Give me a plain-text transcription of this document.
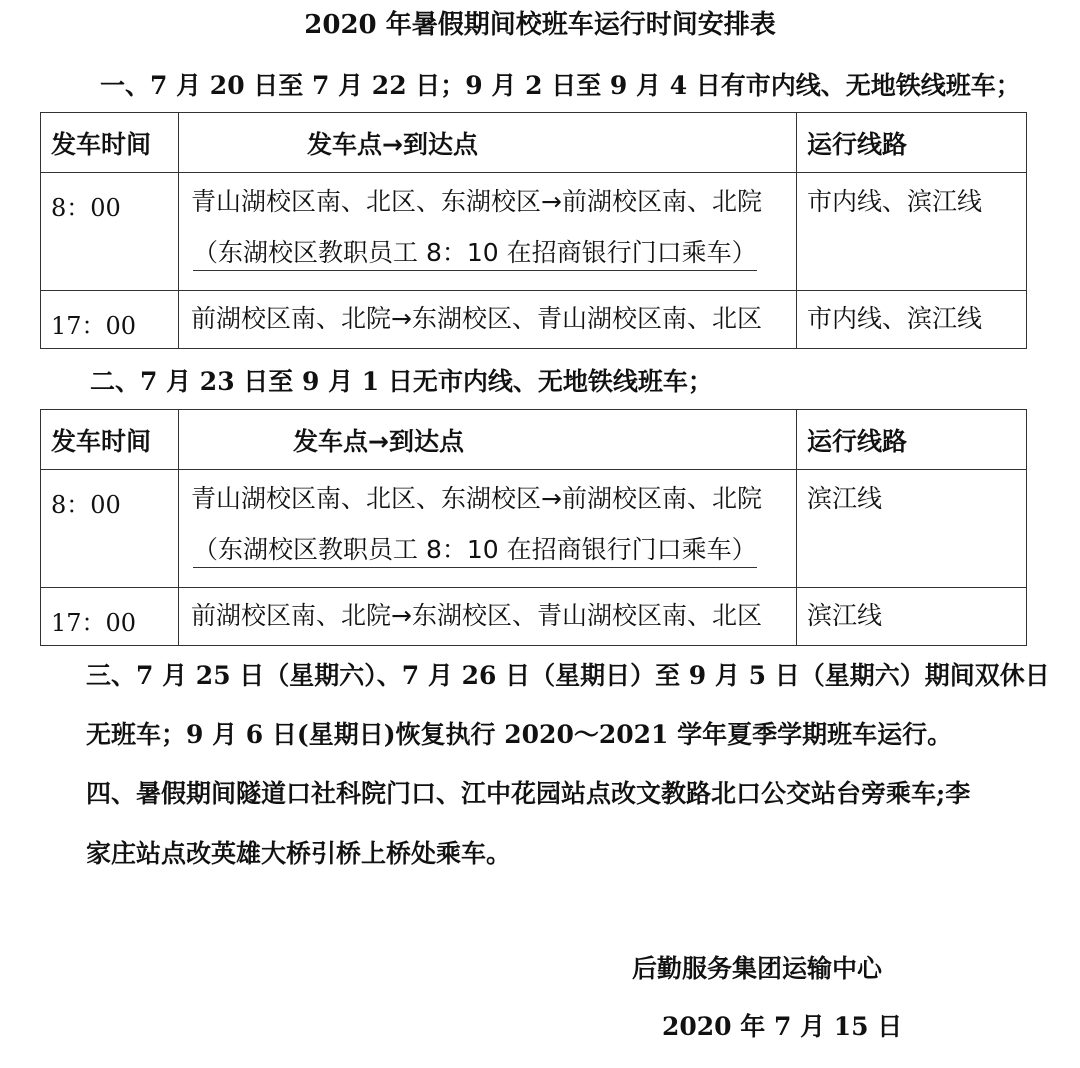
2020 年暑假期间校班车运行时间安排表
一、7 月 20 日至 7 月 22 日；9 月 2 日至 9 月 4 日有市内线、无地铁线班车；
发车时间	发车点→到达点	运行线路
8：00	青山湖校区南、北区、东湖校区→前湖校区南、北院
（东湖校区教职员工 8：10 在招商银行门口乘车）	市内线、滨江线
17：00	前湖校区南、北院→东湖校区、青山湖校区南、北区	市内线、滨江线
二、7 月 23 日至 9 月 1 日无市内线、无地铁线班车；
发车时间	发车点→到达点	运行线路
8：00	青山湖校区南、北区、东湖校区→前湖校区南、北院
（东湖校区教职员工 8：10 在招商银行门口乘车）	滨江线
17：00	前湖校区南、北院→东湖校区、青山湖校区南、北区	滨江线
三、7 月 25 日（星期六）、7 月 26 日（星期日）至 9 月 5 日（星期六）期间双休日
无班车；9 月 6 日(星期日)恢复执行 2020～2021 学年夏季学期班车运行。
四、暑假期间隧道口社科院门口、江中花园站点改文教路北口公交站台旁乘车;李
家庄站点改英雄大桥引桥上桥处乘车。
后勤服务集团运输中心
2020 年 7 月 15 日
